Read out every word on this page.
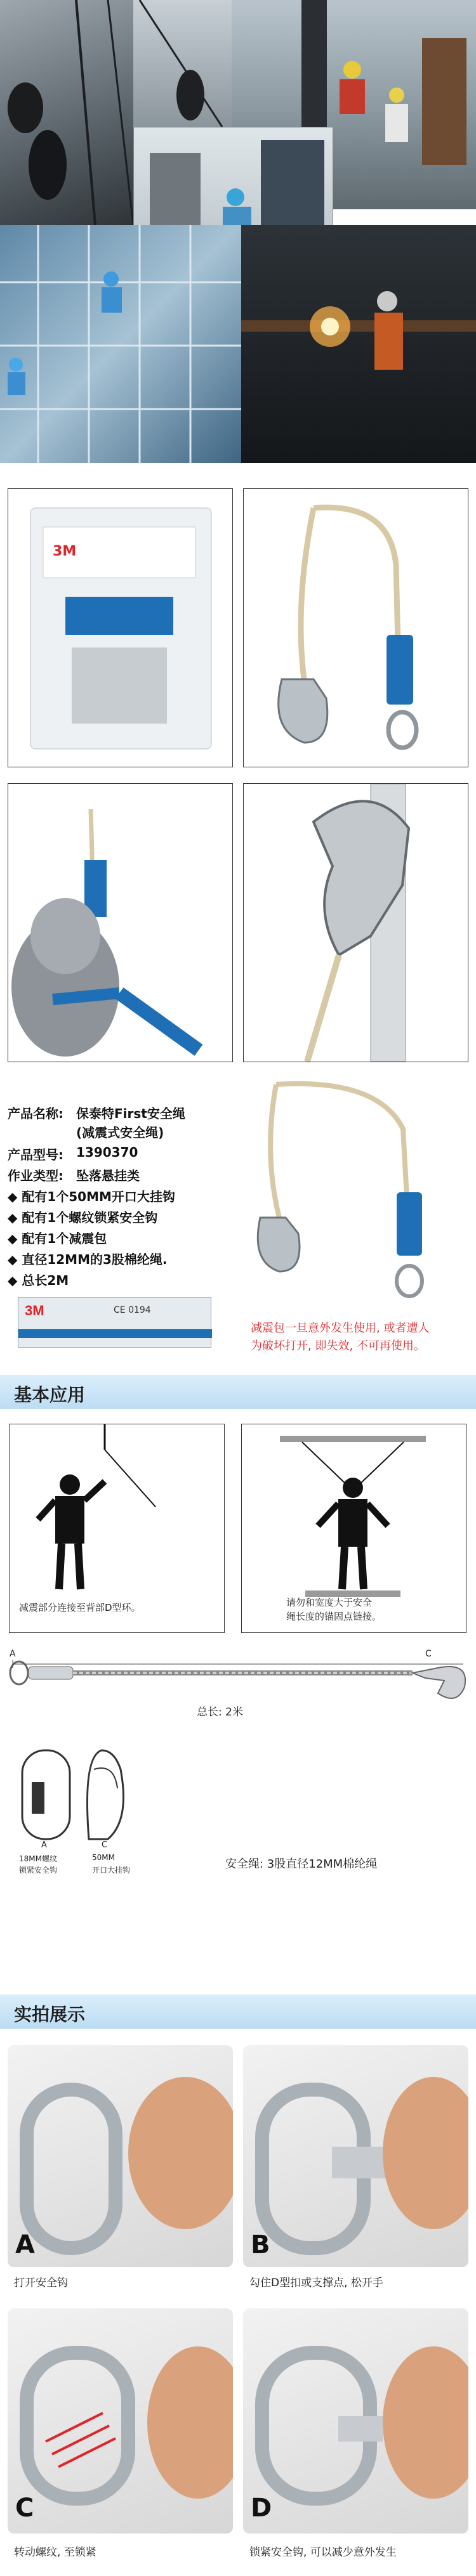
3M
产品名称: 保泰特First安全绳
(减震式安全绳)
产品型号: 1390370
作业类型: 坠落悬挂类
◆ 配有1个50MM开口大挂钩
◆ 配有1个螺纹锁紧安全钩
◆ 配有1个减震包
◆ 直径12MM的3股棉纶绳.
◆ 总长2M
3M	CE 0194
减震包一旦意外发生使用, 或者遭人
为破坏打开, 即失效, 不可再使用。
基本应用
减震部分连接至背部D型环。	请勿和宽度大于安全
绳长度的锚固点链接。
A	C
总长: 2米
A	C
18MM螺纹
锁紧安全钩
50MM
开口大挂钩	安全绳: 3股直径12MM棉纶绳
实拍展示
A
打开安全钩
B
勾住D型扣或支撑点, 松开手
C
转动螺纹, 至锁紧
D
锁紧安全钩, 可以减少意外发生
